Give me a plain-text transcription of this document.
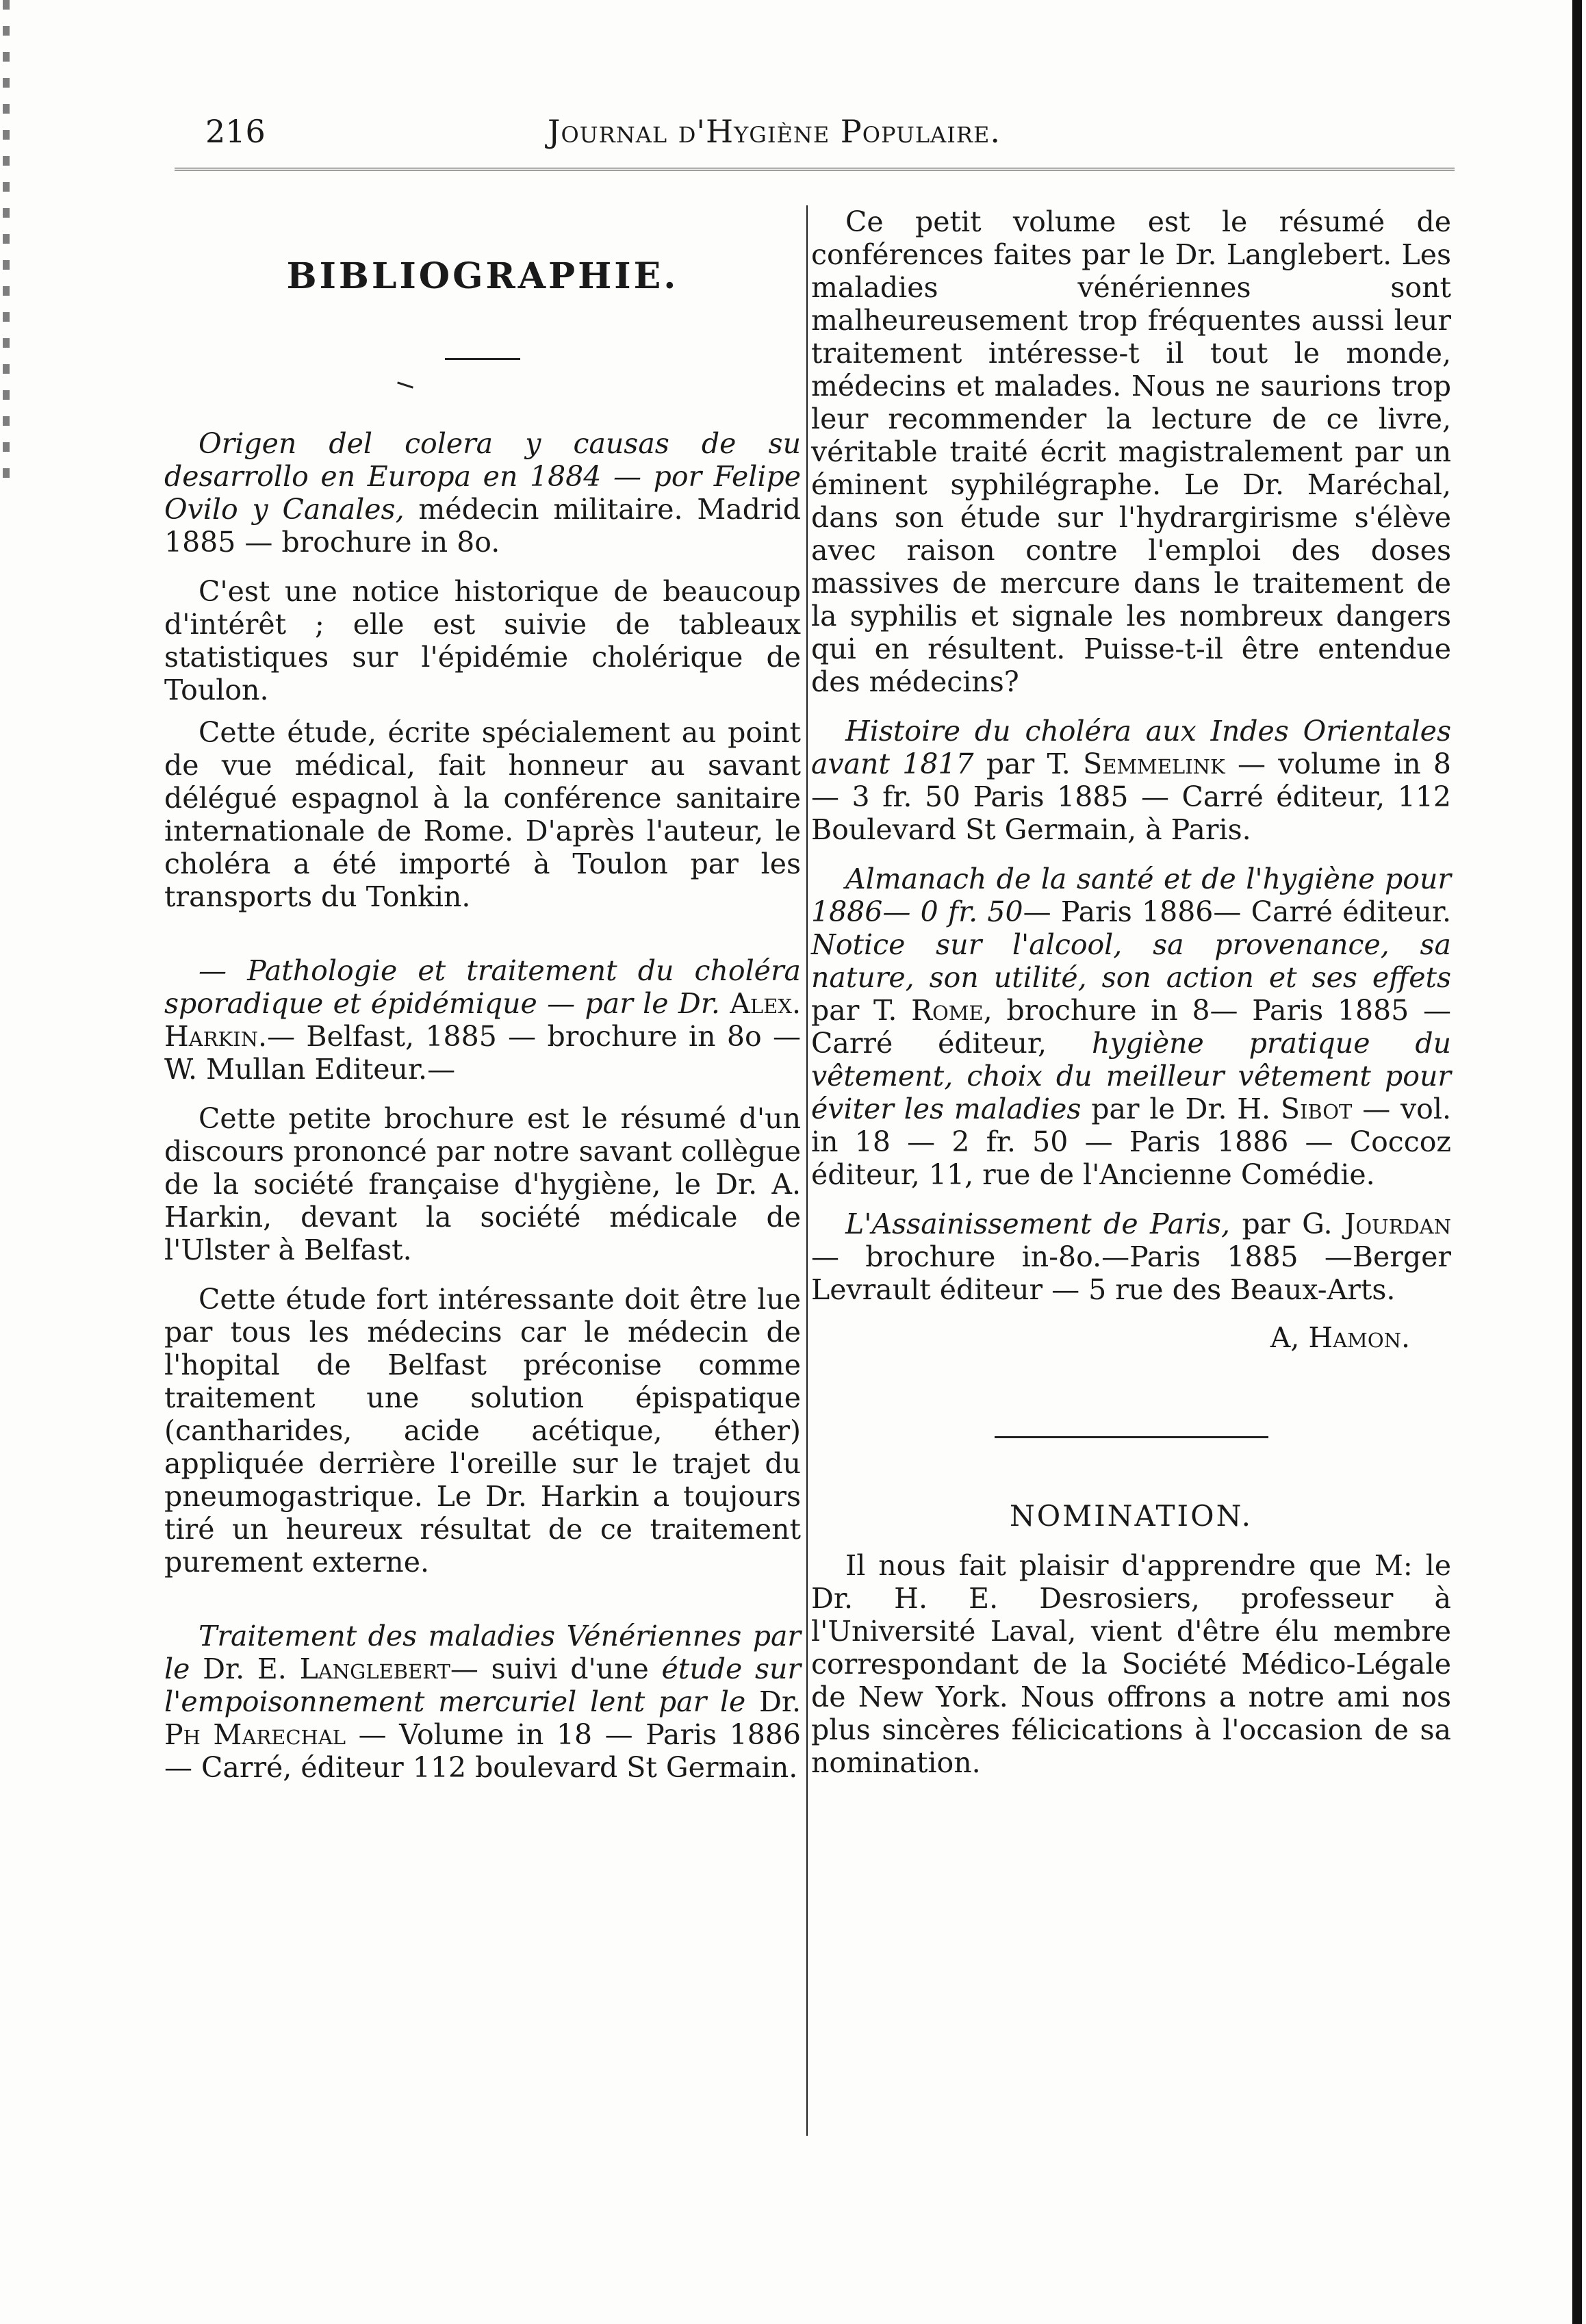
216	Journal d'Hygiène Populaire.

BIBLIOGRAPHIE.

Origen del colera y causas de su desarrollo en Europa en 1884 — por Felipe Ovilo y Canales, médecin militaire. Madrid 1885 — brochure in 8o.

C'est une notice historique de beaucoup d'intérêt ; elle est suivie de tableaux statistiques sur l'épidémie cholérique de Toulon.

Cette étude, écrite spécialement au point de vue médical, fait honneur au savant délégué espagnol à la conférence sanitaire internationale de Rome. D'après l'auteur, le choléra a été importé à Toulon par les transports du Tonkin.

— Pathologie et traitement du choléra sporadique et épidémique — par le Dr. Alex. Harkin.— Belfast, 1885 — brochure in 8o — W. Mullan Editeur.—

Cette petite brochure est le résumé d'un discours prononcé par notre savant collègue de la société française d'hygiène, le Dr. A. Harkin, devant la société médicale de l'Ulster à Belfast.

Cette étude fort intéressante doit être lue par tous les médecins car le médecin de l'hopital de Belfast préconise comme traitement une solution épispatique (cantharides, acide acétique, éther) appliquée derrière l'oreille sur le trajet du pneumogastrique. Le Dr. Harkin a toujours tiré un heureux résultat de ce traitement purement externe.

Traitement des maladies Vénériennes par le Dr. E. Langlebert— suivi d'une étude sur l'empoisonnement mercuriel lent par le Dr. Ph Marechal — Volume in 18 — Paris 1886 — Carré, éditeur 112 boulevard St Germain.

Ce petit volume est le résumé de conférences faites par le Dr. Langlebert. Les maladies vénériennes sont malheureusement trop fréquentes aussi leur traitement intéresse-t il tout le monde, médecins et malades. Nous ne saurions trop leur recommender la lecture de ce livre, véritable traité écrit magistralement par un éminent syphilégraphe. Le Dr. Maréchal, dans son étude sur l'hydrargirisme s'élève avec raison contre l'emploi des doses massives de mercure dans le traitement de la syphilis et signale les nombreux dangers qui en résultent. Puisse-t-il être entendue des médecins?

Histoire du choléra aux Indes Orientales avant 1817 par T. Semmelink — volume in 8 — 3 fr. 50 Paris 1885 — Carré éditeur, 112 Boulevard St Germain, à Paris.

Almanach de la santé et de l'hygiène pour 1886— 0 fr. 50— Paris 1886— Carré éditeur. Notice sur l'alcool, sa provenance, sa nature, son utilité, son action et ses effets par T. Rome, brochure in 8— Paris 1885 — Carré éditeur, hygiène pratique du vêtement, choix du meilleur vêtement pour éviter les maladies par le Dr. H. Sibot — vol. in 18 — 2 fr. 50 — Paris 1886 — Coccoz éditeur, 11, rue de l'Ancienne Comédie.

L'Assainissement de Paris, par G. Jourdan— brochure in-8o.—Paris 1885 —Berger Levrault éditeur — 5 rue des Beaux-Arts.

A, Hamon.

NOMINATION.

Il nous fait plaisir d'apprendre que M: le Dr. H. E. Desrosiers, professeur à l'Université Laval, vient d'être élu membre correspondant de la Société Médico-Légale de New York. Nous offrons a notre ami nos plus sincères félicications à l'occasion de sa nomination.
